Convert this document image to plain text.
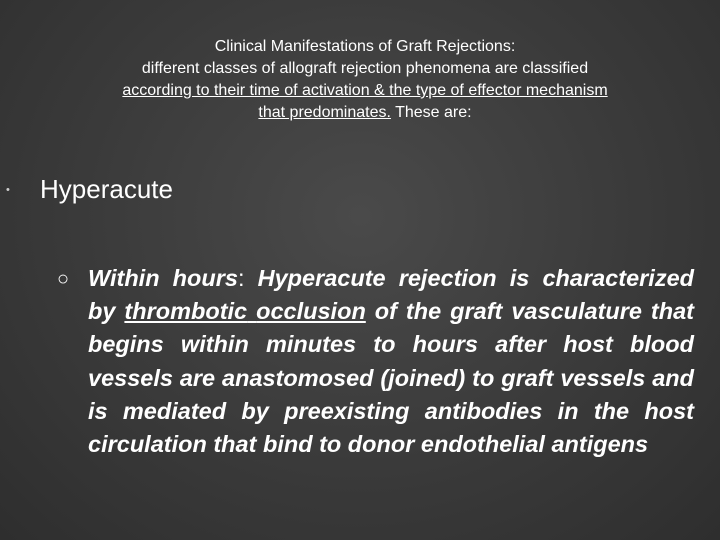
Clinical Manifestations of Graft Rejections:
different classes of allograft rejection phenomena are classified
according to their time of activation & the type of effector mechanism
that predominates. These are:
•	Hyperacute
○ Within hours: Hyperacute rejection is characterized by thrombotic occlusion of the graft vasculature that begins within minutes to hours after host blood vessels are anastomosed (joined) to graft vessels and is mediated by preexisting antibodies in the host circulation that bind to donor endothelial antigens
